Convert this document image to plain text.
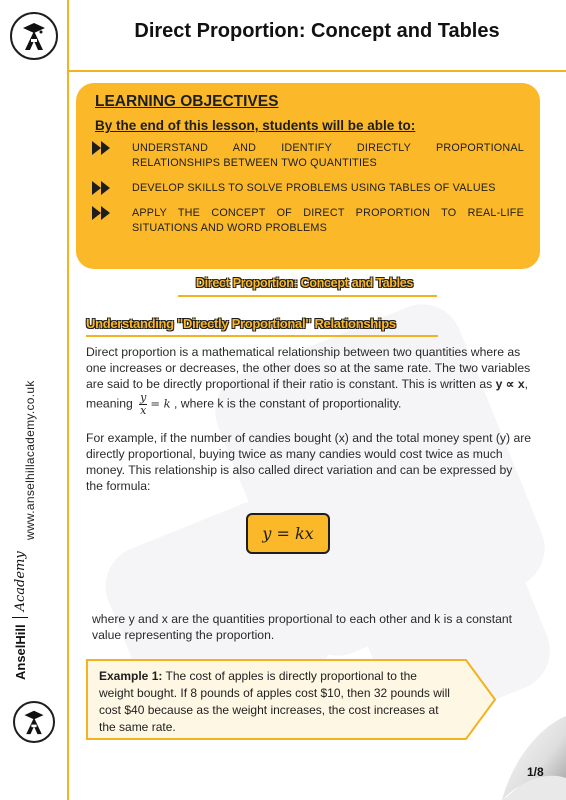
Direct Proportion: Concept and Tables
www.anselhillacademy.co.uk
AnselHill
Academy
LEARNING OBJECTIVES
By the end of this lesson, students will be able to:
UNDERSTAND AND IDENTIFY DIRECTLY PROPORTIONAL RELATIONSHIPS BETWEEN TWO QUANTITIES
DEVELOP SKILLS TO SOLVE PROBLEMS USING TABLES OF VALUES
APPLY THE CONCEPT OF DIRECT PROPORTION TO REAL-LIFE SITUATIONS AND WORD PROBLEMS
Direct Proportion: Concept and Tables
Understanding "Directly Proportional" Relationships
Direct proportion is a mathematical relationship between two quantities where as one increases or decreases, the other does so at the same rate. The two variables are said to be directly proportional if their ratio is constant. This is written as y ∝ x, meaning $\frac{y}{x} = k$ , where k is the constant of proportionality.
For example, if the number of candies bought (x) and the total money spent (y) are directly proportional, buying twice as many candies would cost twice as much money. This relationship is also called direct variation and can be expressed by the formula:
y = kx
where y and x are the quantities proportional to each other and k is a constant value representing the proportion.
Example 1: The cost of apples is directly proportional to the weight bought. If 8 pounds of apples cost $10, then 32 pounds will cost $40 because as the weight increases, the cost increases at the same rate.
1/8
